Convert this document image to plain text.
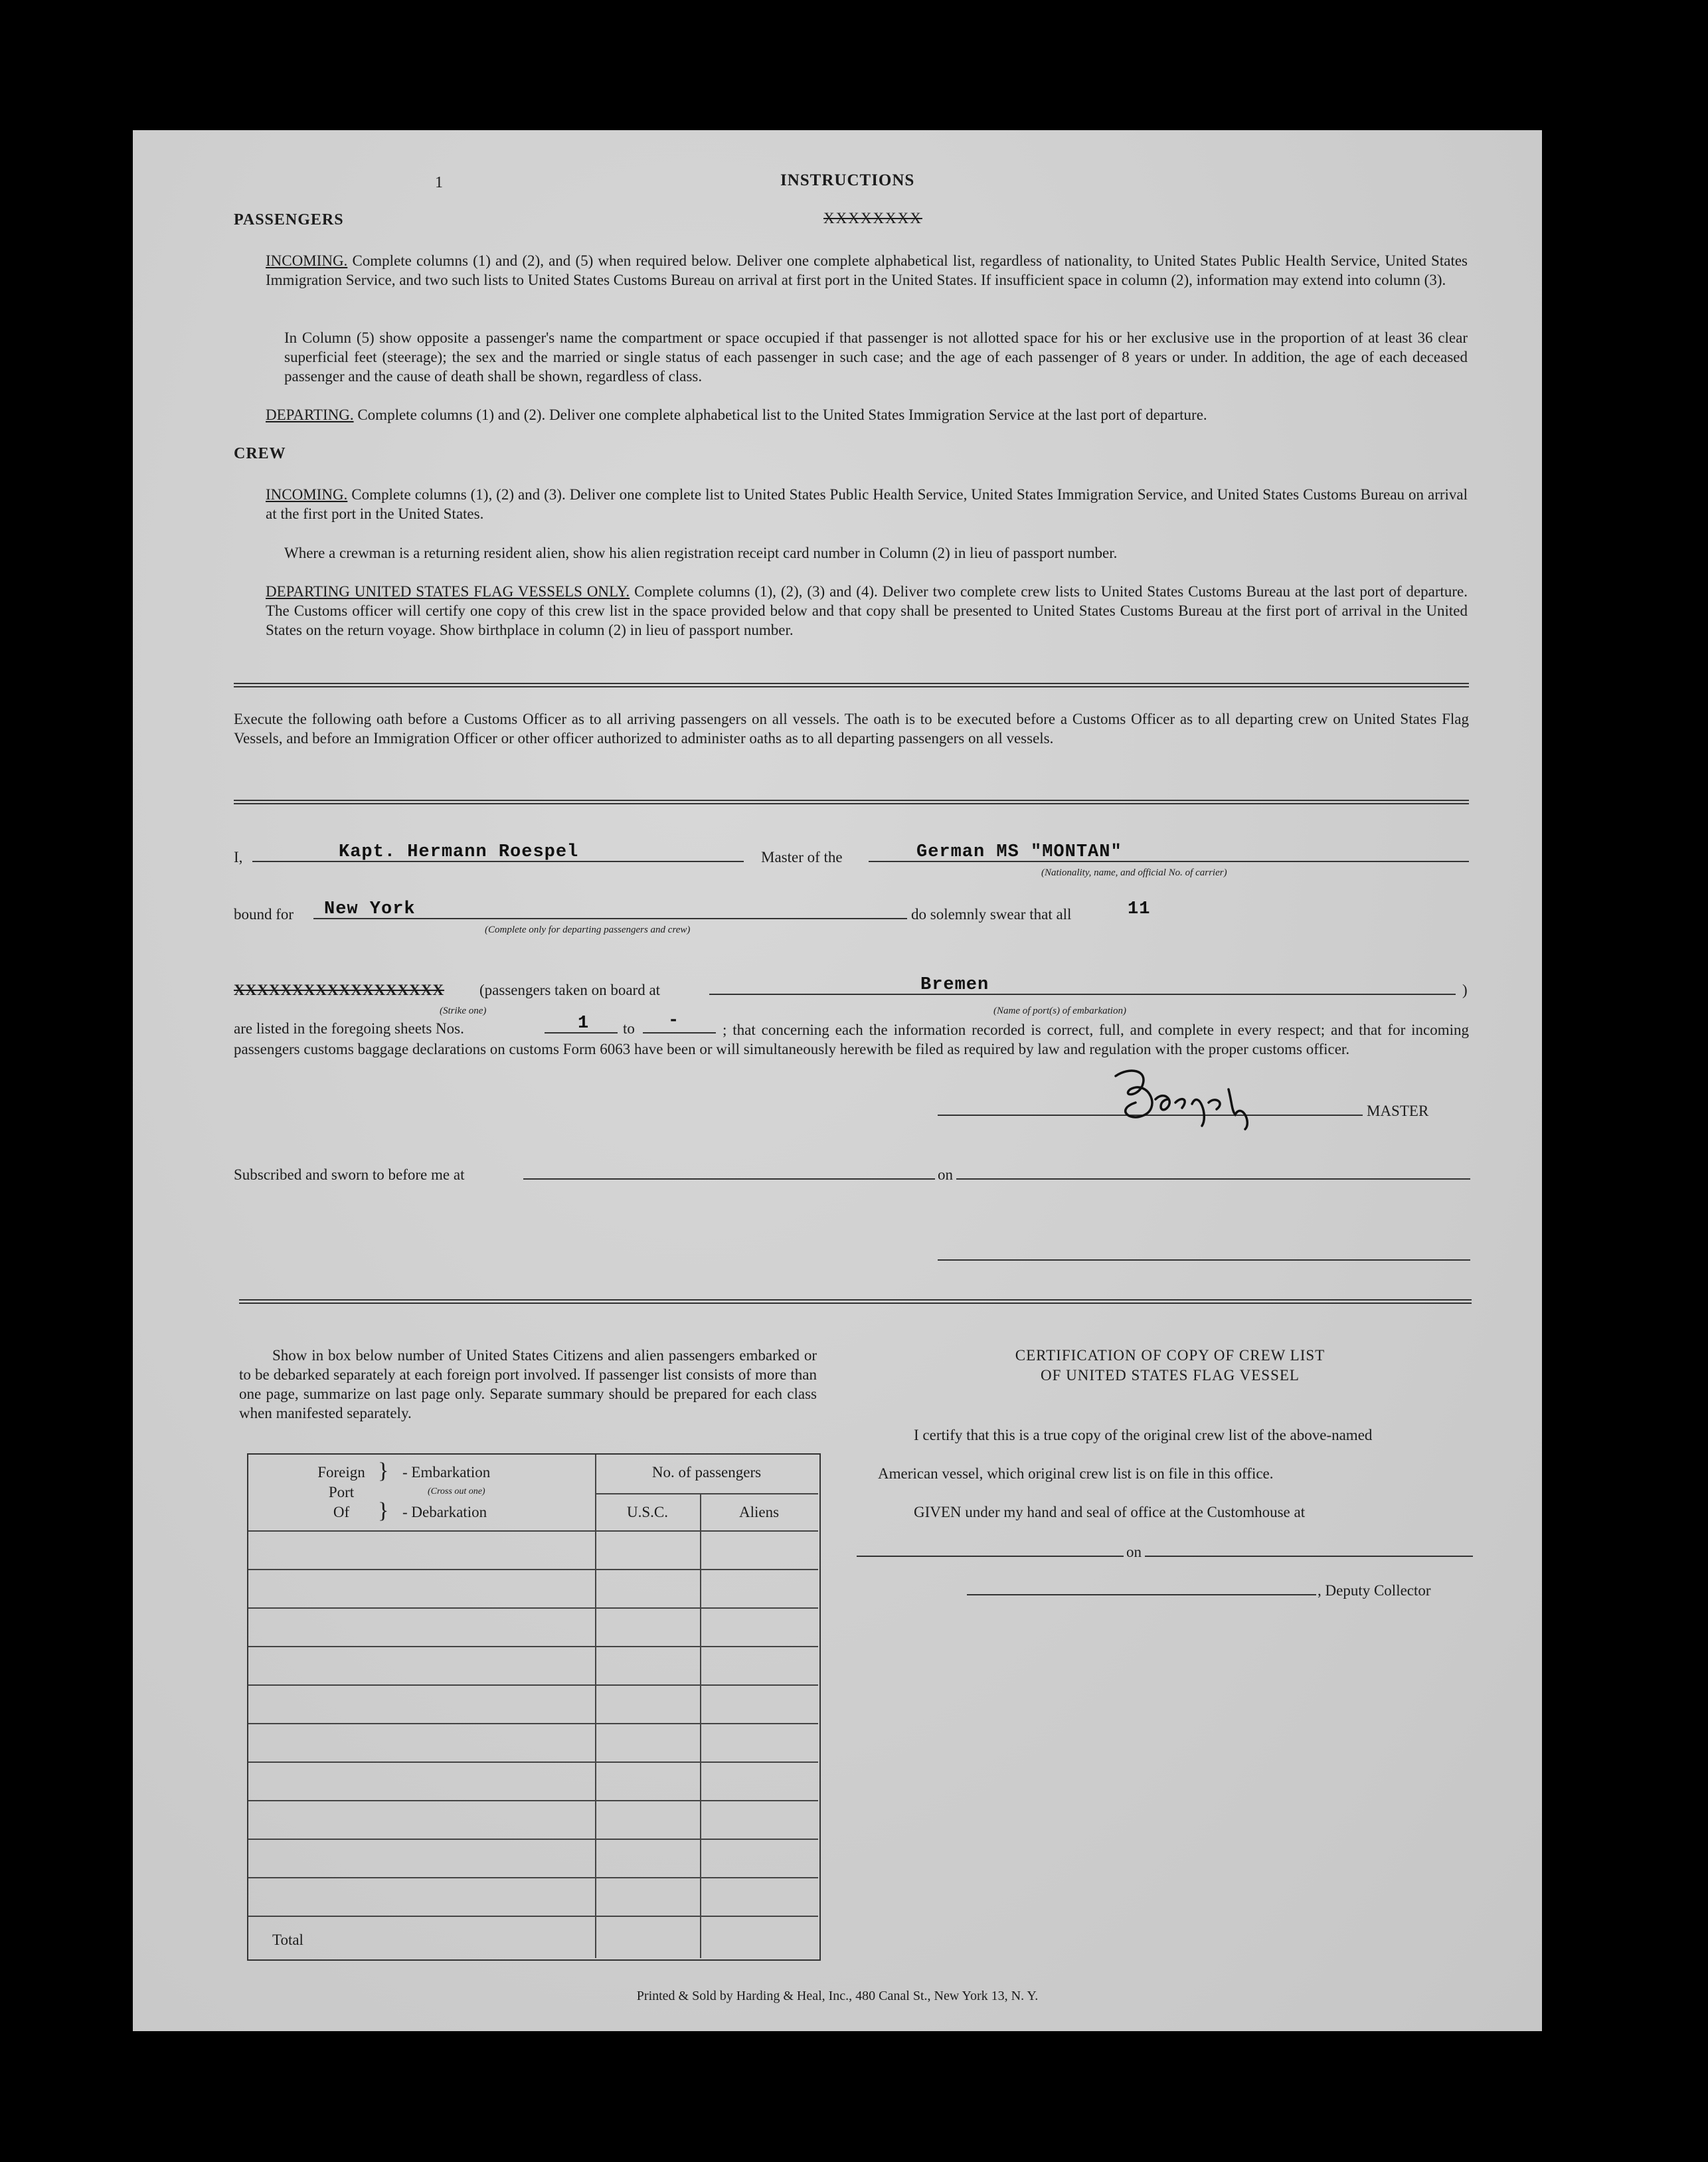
INSTRUCTIONS
1
PASSENGERS	XXXXXXXX
INCOMING. Complete columns (1) and (2), and (5) when required below. Deliver one complete alphabetical list, regardless of nationality, to United States Public Health Service, United States Immigration Service, and two such lists to United States Customs Bureau on arrival at first port in the United States. If insufficient space in column (2), information may extend into column (3).
In Column (5) show opposite a passenger's name the compartment or space occupied if that passenger is not allotted space for his or her exclusive use in the proportion of at least 36 clear superficial feet (steerage); the sex and the married or single status of each passenger in such case; and the age of each passenger of 8 years or under. In addition, the age of each deceased passenger and the cause of death shall be shown, regardless of class.
DEPARTING. Complete columns (1) and (2). Deliver one complete alphabetical list to the United States Immigration Service at the last port of departure.
CREW
INCOMING. Complete columns (1), (2) and (3). Deliver one complete list to United States Public Health Service, United States Immigration Service, and United States Customs Bureau on arrival at the first port in the United States.
Where a crewman is a returning resident alien, show his alien registration receipt card number in Column (2) in lieu of passport number.
DEPARTING UNITED STATES FLAG VESSELS ONLY. Complete columns (1), (2), (3) and (4). Deliver two complete crew lists to United States Customs Bureau at the last port of departure. The Customs officer will certify one copy of this crew list in the space provided below and that copy shall be presented to United States Customs Bureau at the first port of arrival in the United States on the return voyage. Show birthplace in column (2) in lieu of passport number.
Execute the following oath before a Customs Officer as to all arriving passengers on all vessels. The oath is to be executed before a Customs Officer as to all departing crew on United States Flag Vessels, and before an Immigration Officer or other officer authorized to administer oaths as to all departing passengers on all vessels.
I,	Kapt. Hermann Roespel	Master of the	German MS "MONTAN"
(Nationality, name, and official No. of carrier)
bound for New York
(Complete only for departing passengers and crew)
do solemnly swear that all	11
XXXXXXXXXXXXXXXXXX
(Strike one)
(passengers taken on board at	Bremen
(Name of port(s) of embarkation)
)
are listed in the foregoing sheets Nos.	1 to -	; that concerning each the information recorded is correct, full, and complete in every respect; and that for incoming passengers customs baggage declarations on customs Form 6063 have been or will simultaneously herewith be filed as required by law and regulation with the proper customs officer.
MASTER
Subscribed and sworn to before me at	on
Show in box below number of United States Citizens and alien passengers embarked or to be debarked separately at each foreign port involved. If passenger list consists of more than one page, summarize on last page only. Separate summary should be prepared for each class when manifested separately.
Foreign
Port
Of
}
}
- Embarkation
(Cross out one)
- Debarkation
No. of passengers
U.S.C.	Aliens
Total
CERTIFICATION OF COPY OF CREW LIST
OF UNITED STATES FLAG VESSEL
I certify that this is a true copy of the original crew list of the above-named
American vessel, which original crew list is on file in this office.
GIVEN under my hand and seal of office at the Customhouse at
on
, Deputy Collector
Printed & Sold by Harding & Heal, Inc., 480 Canal St., New York 13, N. Y.
